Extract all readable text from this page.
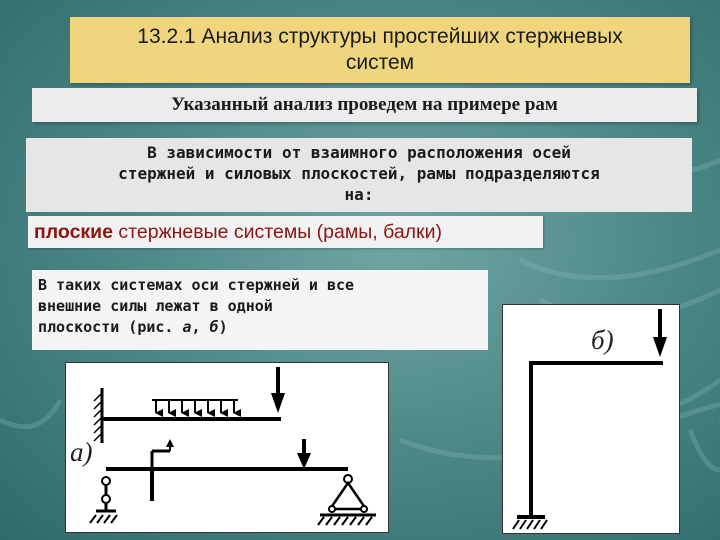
13.2.1 Анализ структуры простейших стержневых
систем
Указанный анализ проведем на примере рам
В зависимости от взаимного расположения осей
стержней и силовых плоскостей, рамы подразделяются
на:
плоские стержневые системы (рамы, балки)
В таких системах оси стержней и все
внешние силы лежат в одной
плоскости (рис. а, б)
а)
б)
